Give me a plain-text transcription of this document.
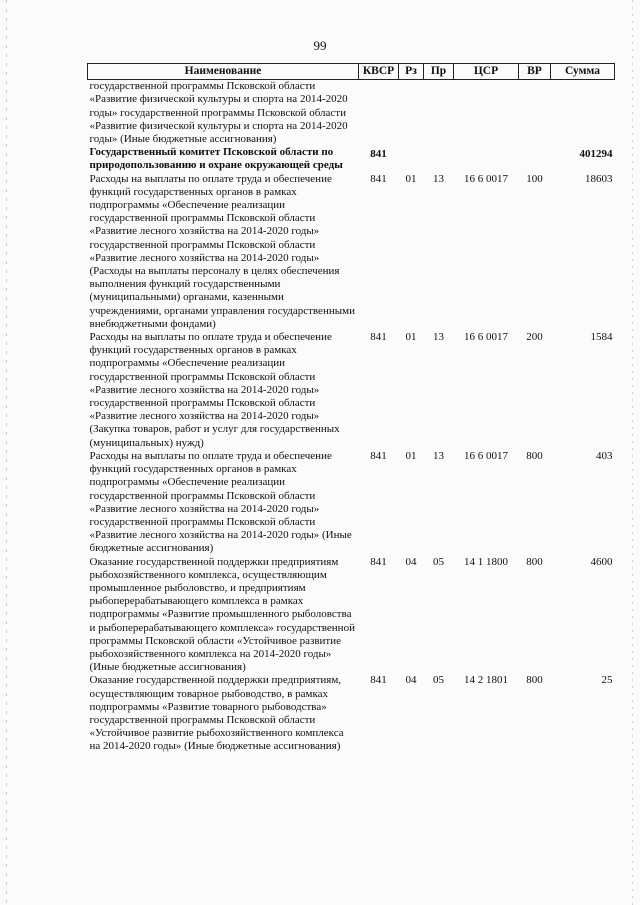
99
Наименование	КВСР	Рз	Пр	ЦСР	ВР	Сумма
государственной программы Псковской области «Развитие физической культуры и спорта на 2014-2020 годы» государственной программы Псковской области «Развитие физической культуры и спорта на 2014-2020 годы» (Иные бюджетные ассигнования)						
Государственный комитет Псковской области по природопользованию и охране окружающей среды	841					401294
Расходы на выплаты по оплате труда и обеспечение функций государственных органов в рамках подпрограммы «Обеспечение реализации государственной программы Псковской области «Развитие лесного хозяйства на 2014-2020 годы» государственной программы Псковской области «Развитие лесного хозяйства на 2014-2020 годы» (Расходы на выплаты персоналу в целях обеспечения выполнения функций государственными (муниципальными) органами, казенными учреждениями, органами управления государственными внебюджетными фондами)	841	01	13	16 6 0017	100	18603
Расходы на выплаты по оплате труда и обеспечение функций государственных органов в рамках подпрограммы «Обеспечение реализации государственной программы Псковской области «Развитие лесного хозяйства на 2014-2020 годы» государственной программы Псковской области «Развитие лесного хозяйства на 2014-2020 годы» (Закупка товаров, работ и услуг для государственных (муниципальных) нужд)	841	01	13	16 6 0017	200	1584
Расходы на выплаты по оплате труда и обеспечение функций государственных органов в рамках подпрограммы «Обеспечение реализации государственной программы Псковской области «Развитие лесного хозяйства на 2014-2020 годы» государственной программы Псковской области «Развитие лесного хозяйства на 2014-2020 годы» (Иные бюджетные ассигнования)	841	01	13	16 6 0017	800	403
Оказание государственной поддержки предприятиям рыбохозяйственного комплекса, осуществляющим промышленное рыболовство, и предприятиям рыбоперерабатывающего комплекса в рамках подпрограммы «Развитие промышленного рыболовства и рыбоперерабатывающего комплекса» государственной программы Псковской области «Устойчивое развитие рыбохозяйственного комплекса на 2014-2020 годы» (Иные бюджетные ассигнования)	841	04	05	14 1 1800	800	4600
Оказание государственной поддержки предприятиям, осуществляющим товарное рыбоводство, в рамках подпрограммы «Развитие товарного рыбоводства» государственной программы Псковской области «Устойчивое развитие рыбохозяйственного комплекса на 2014-2020 годы» (Иные бюджетные ассигнования)	841	04	05	14 2 1801	800	25
